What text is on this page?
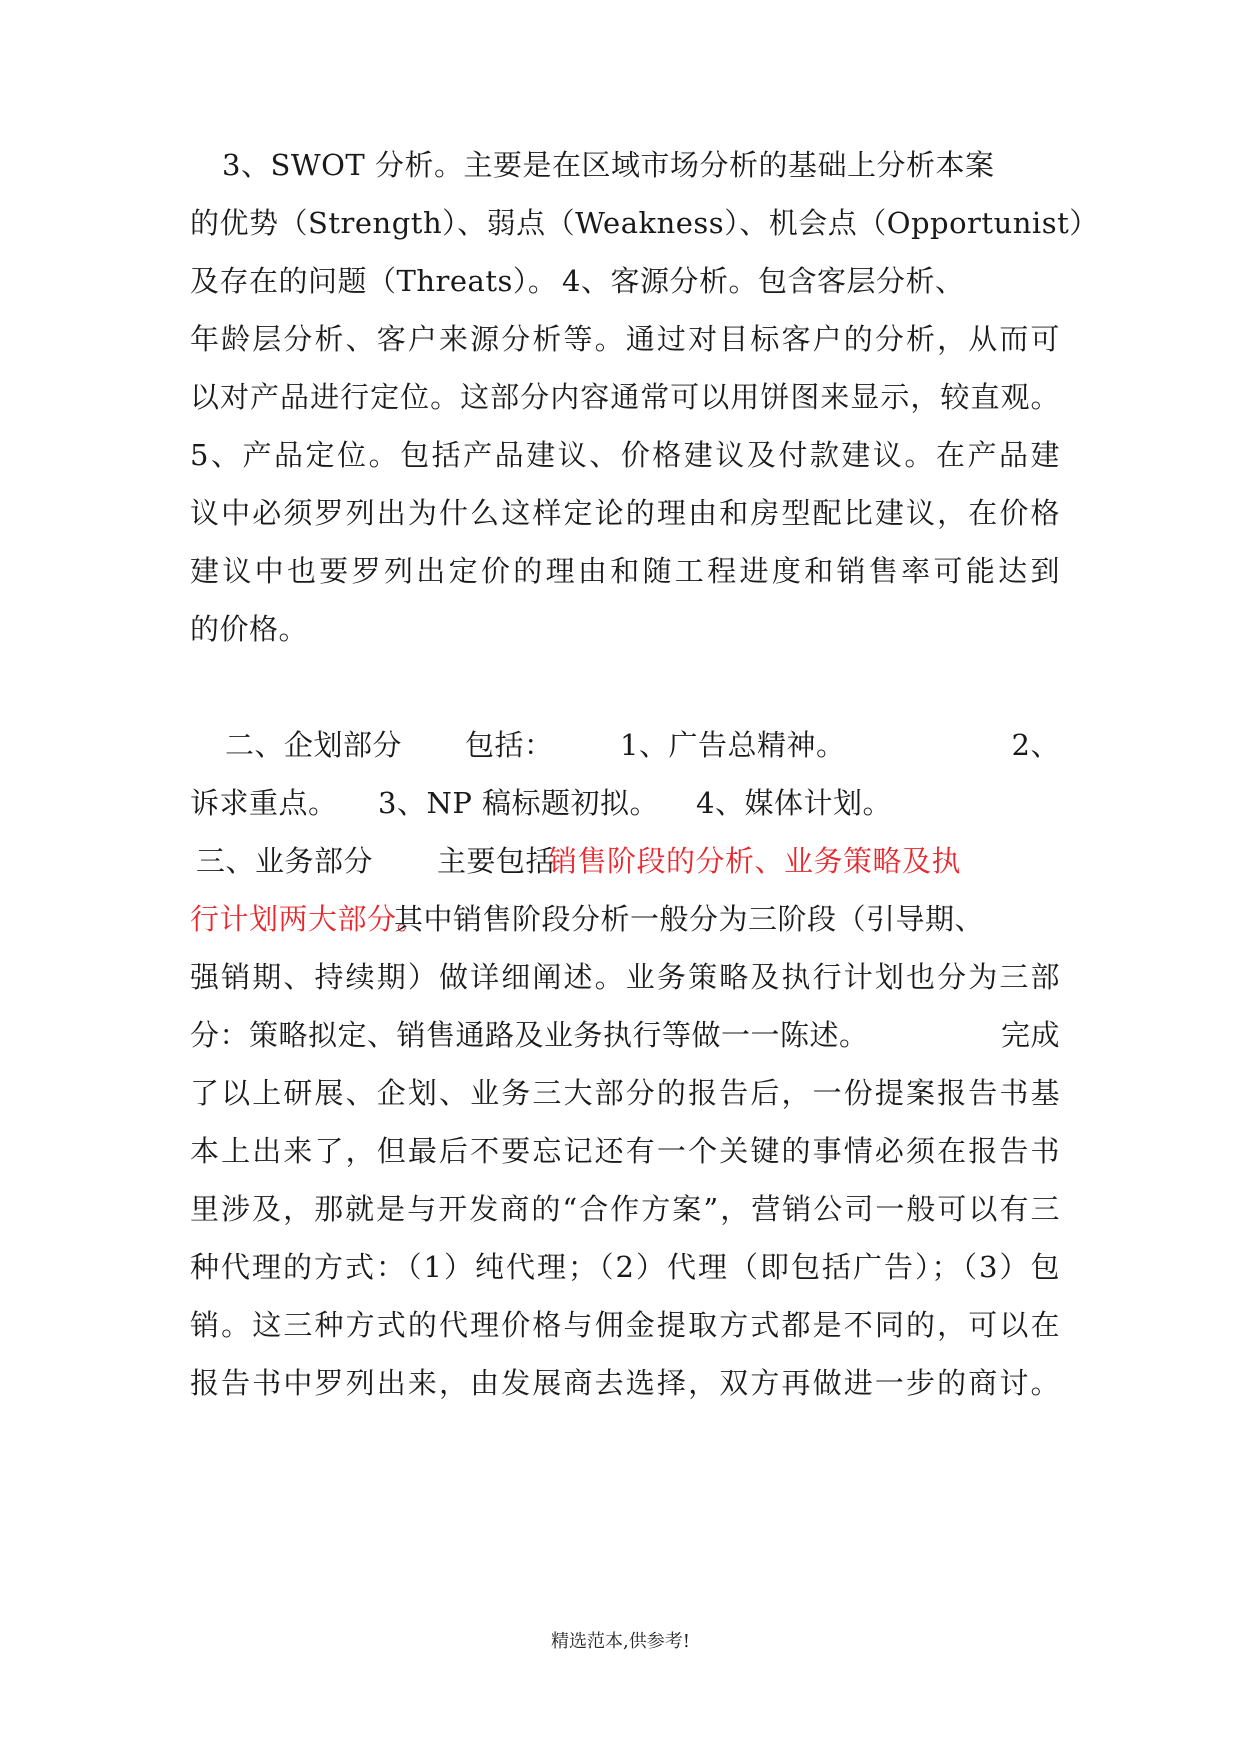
3、SWOT 分析。主要是在区域市场分析的基础上分析本案
的优势（Strength）、弱点（Weakness）、机会点（Opportunist）
及存在的问题（Threats）。 4、客源分析。包含客层分析、
年龄层分析、客户来源分析等。通过对目标客户的分析，从而可
以对产品进行定位。这部分内容通常可以用饼图来显示，较直观。
5、产品定位。包括产品建议、价格建议及付款建议。在产品建
议中必须罗列出为什么这样定论的理由和房型配比建议，在价格
建议中也要罗列出定价的理由和随工程进度和销售率可能达到
的价格。
二、企划部分	包括：	1、广告总精神。	2、
诉求重点。	3、NP 稿标题初拟。	4、媒体计划。
三、业务部分	主要包括
销售阶段的分析、业务策略及执
行计划两大部分。
其中销售阶段分析一般分为三阶段（引导期、
强销期、持续期）做详细阐述。业务策略及执行计划也分为三部
分：策略拟定、销售通路及业务执行等做一一陈述。	完成
了以上研展、企划、业务三大部分的报告后，一份提案报告书基
本上出来了，但最后不要忘记还有一个关键的事情必须在报告书
里涉及，那就是与开发商的“合作方案”，营销公司一般可以有三
种代理的方式：（1）纯代理；（2）代理（即包括广告）；（3）包
销。这三种方式的代理价格与佣金提取方式都是不同的，可以在
报告书中罗列出来，由发展商去选择，双方再做进一步的商讨。
精选范本,供参考!
